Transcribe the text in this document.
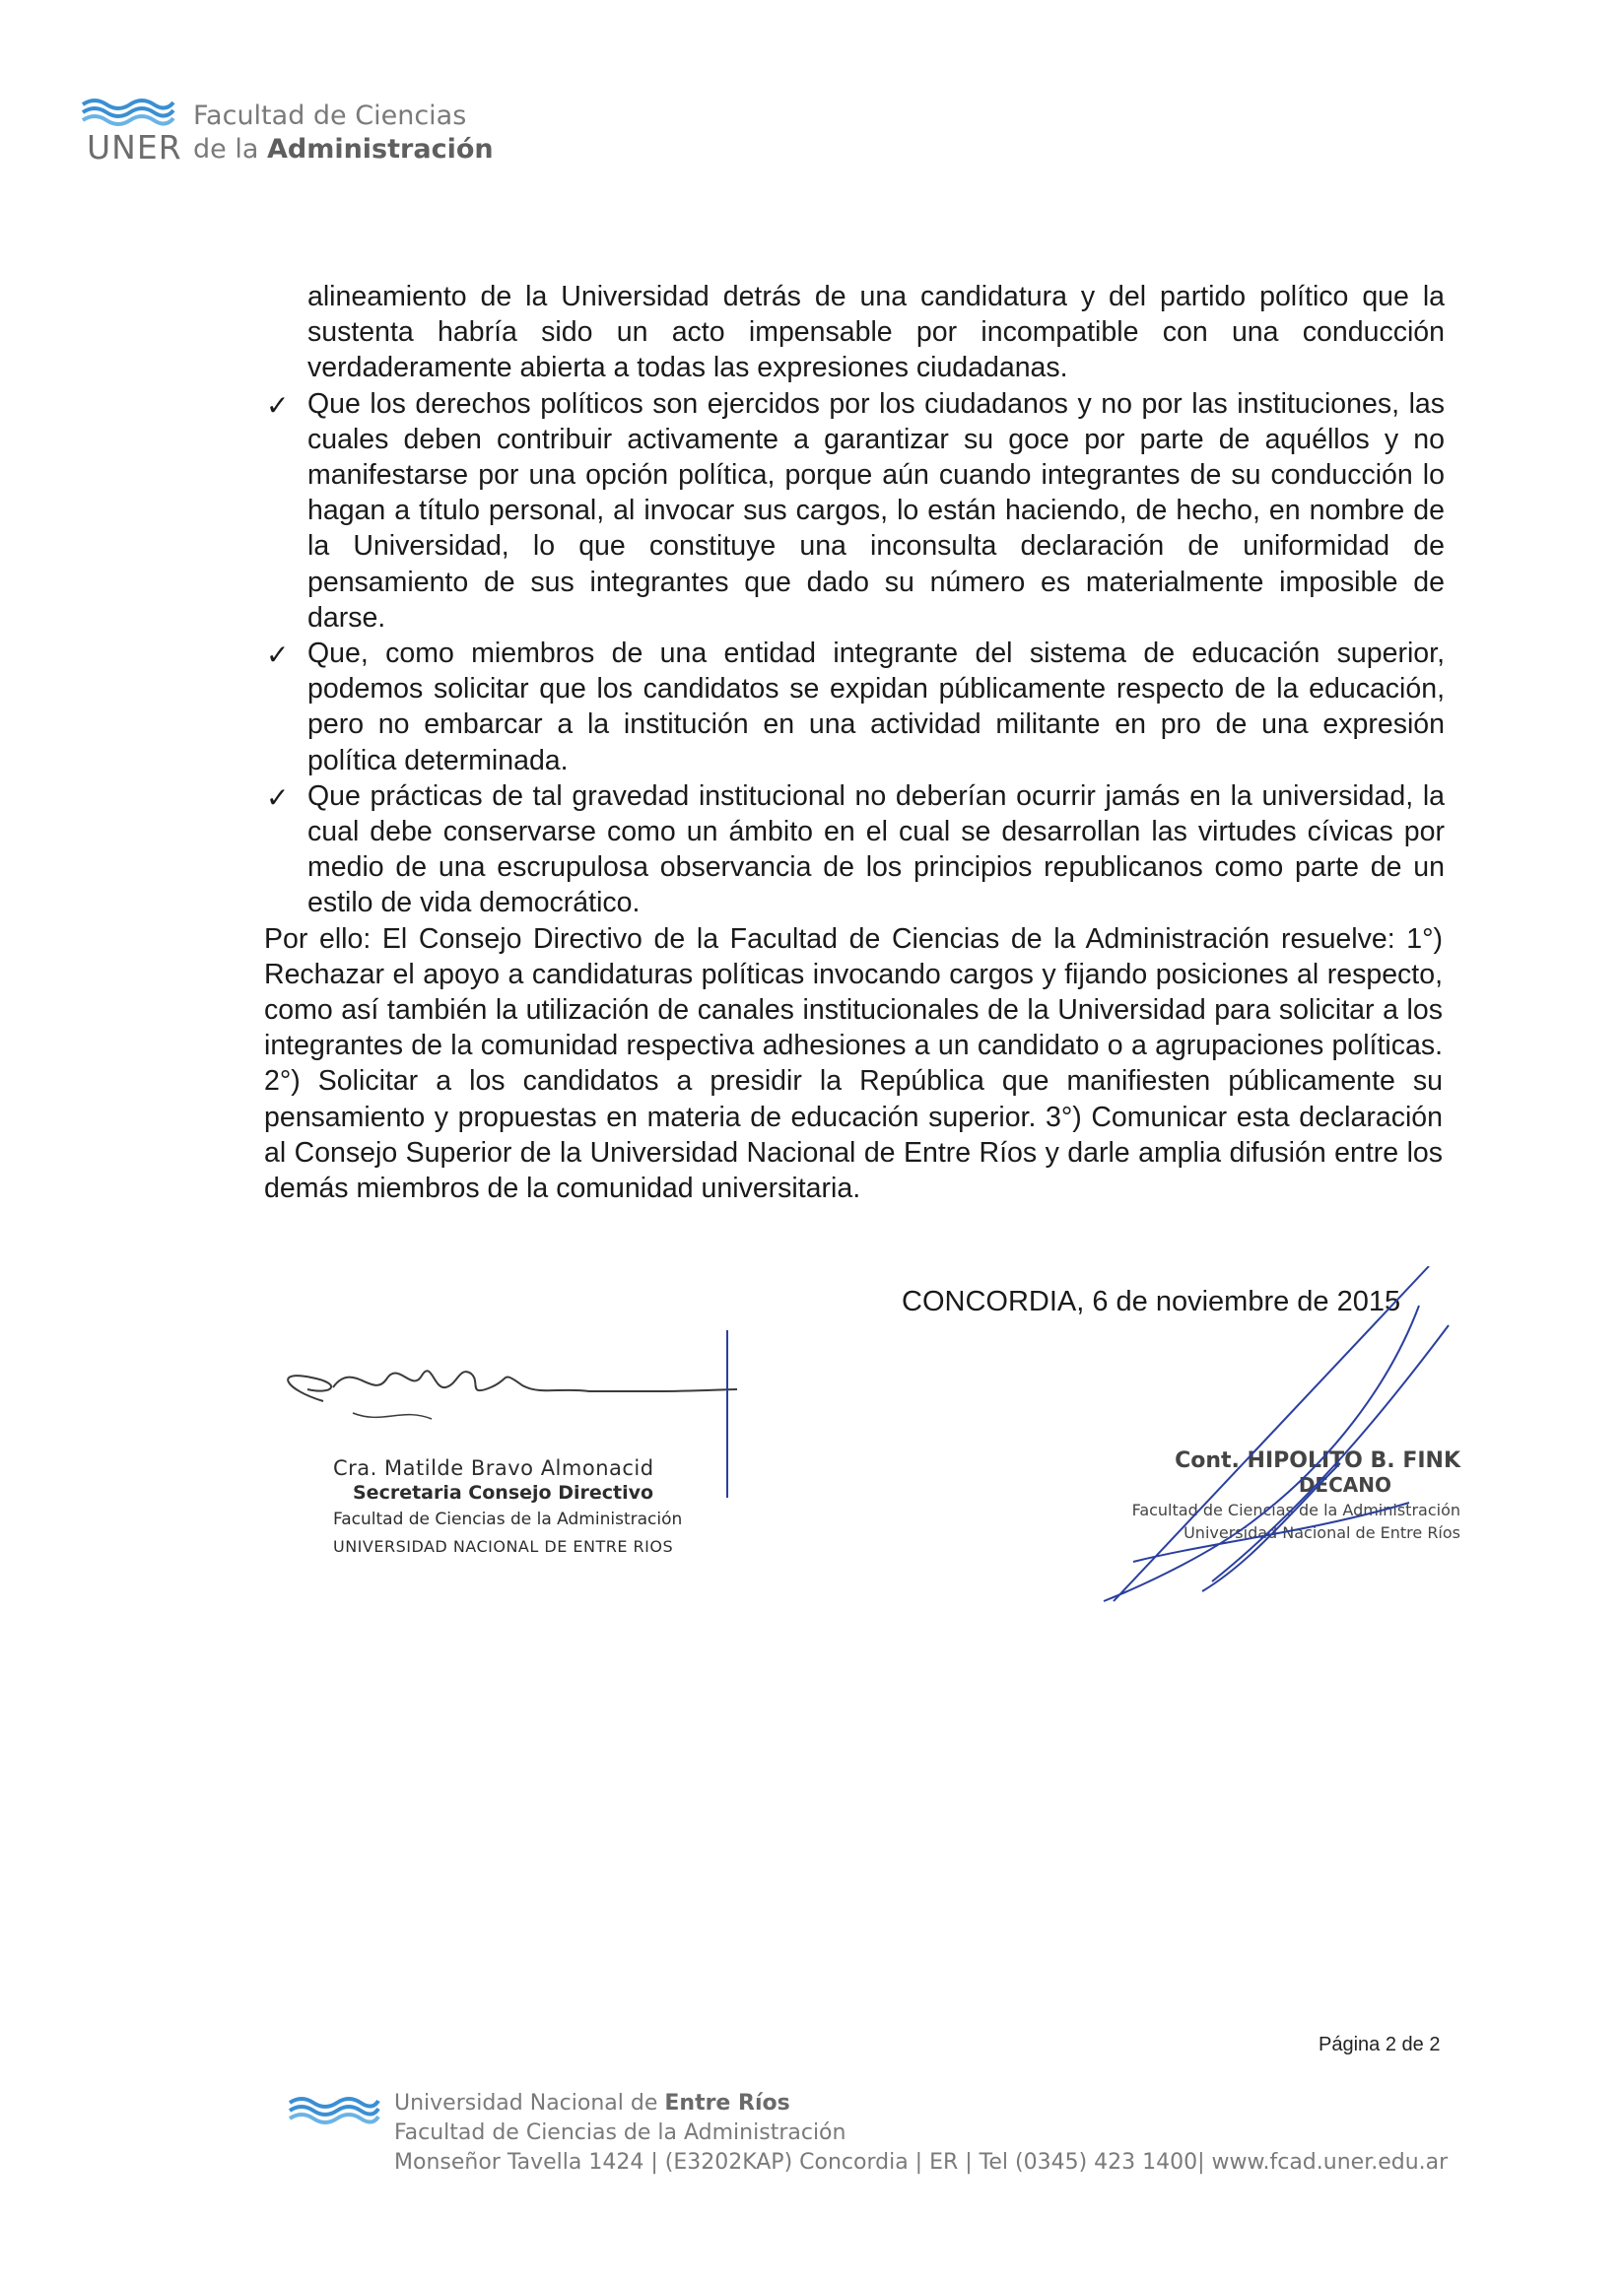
UNER
Facultad de Ciencias
de la Administración
alineamiento de la Universidad detrás de una candidatura y del partido político que la sustenta habría sido un acto impensable por incompatible con una conducción verdaderamente abierta a todas las expresiones ciudadanas.
✓ Que los derechos políticos son ejercidos por los ciudadanos y no por las instituciones, las cuales deben contribuir activamente a garantizar su goce por parte de aquéllos y no manifestarse por una opción política, porque aún cuando integrantes de su conducción lo hagan a título personal, al invocar sus cargos, lo están haciendo, de hecho, en nombre de la Universidad, lo que constituye una inconsulta declaración de uniformidad de pensamiento de sus integrantes que dado su número es materialmente imposible de darse.
✓ Que, como miembros de una entidad integrante del sistema de educación superior, podemos solicitar que los candidatos se expidan públicamente respecto de la educación, pero no embarcar a la institución en una actividad militante en pro de una expresión política determinada.
✓ Que prácticas de tal gravedad institucional no deberían ocurrir jamás en la universidad, la cual debe conservarse como un ámbito en el cual se desarrollan las virtudes cívicas por medio de una escrupulosa observancia de los principios republicanos como parte de un estilo de vida democrático.
Por ello: El Consejo Directivo de la Facultad de Ciencias de la Administración resuelve: 1°) Rechazar el apoyo a candidaturas políticas invocando cargos y fijando posiciones al respecto, como así también la utilización de canales institucionales de la Universidad para solicitar a los integrantes de la comunidad respectiva adhesiones a un candidato o a agrupaciones políticas. 2°) Solicitar a los candidatos a presidir la República que manifiesten públicamente su pensamiento y propuestas en materia de educación superior. 3°) Comunicar esta declaración al Consejo Superior de la Universidad Nacional de Entre Ríos y darle amplia difusión entre los demás miembros de la comunidad universitaria.
CONCORDIA, 6 de noviembre de 2015
Cra. Matilde Bravo Almonacid
Secretaria Consejo Directivo
Facultad de Ciencias de la Administración
UNIVERSIDAD NACIONAL DE ENTRE RIOS
Cont. HIPOLITO B. FINK
DECANO
Facultad de Ciencias de la Administración
Universidad Nacional de Entre Ríos
Página 2 de 2
Universidad Nacional de Entre Ríos
Facultad de Ciencias de la Administración
Monseñor Tavella 1424 | (E3202KAP) Concordia | ER | Tel (0345) 423 1400| www.fcad.uner.edu.ar
